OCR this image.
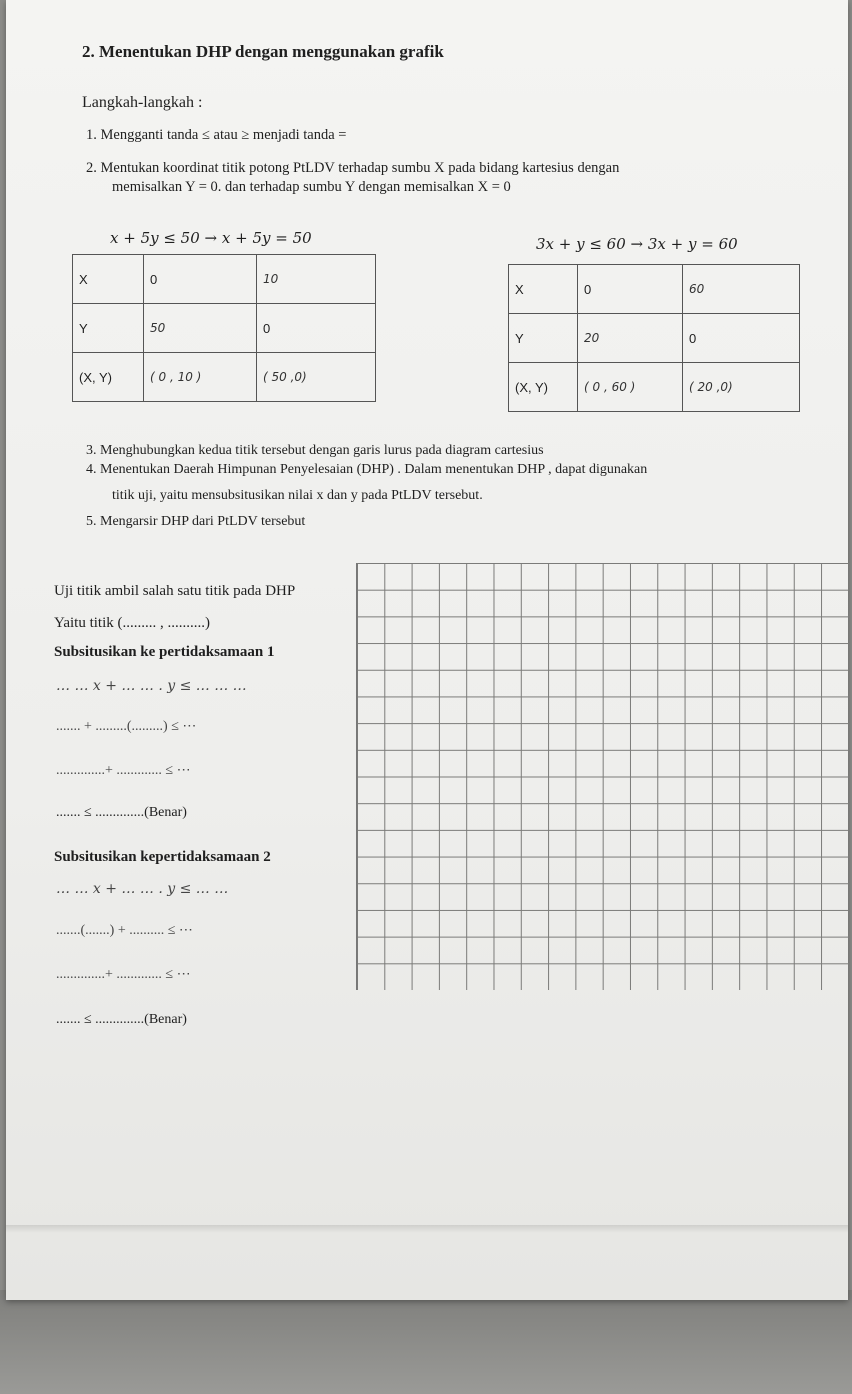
2. Menentukan DHP dengan menggunakan grafik
Langkah-langkah :
1. Mengganti tanda ≤ atau ≥ menjadi tanda =
2. Mentukan koordinat titik potong PtLDV terhadap sumbu X pada bidang kartesius dengan
memisalkan Y = 0. dan terhadap sumbu Y dengan memisalkan X = 0
x + 5y ≤ 50 → x + 5y = 50	3x + y ≤ 60 → 3x + y = 60
X	0	10
Y	50	0
(X, Y)	( 0 , 10 )	( 50 ,0)
X	0	60
Y	20	0
(X, Y)	( 0 , 60 )	( 20 ,0)
3. Menghubungkan kedua titik tersebut dengan garis lurus pada diagram cartesius
4. Menentukan Daerah Himpunan Penyelesaian (DHP) . Dalam menentukan DHP , dapat digunakan
titik uji, yaitu mensubsitusikan nilai x dan y pada PtLDV tersebut.
5. Mengarsir DHP dari PtLDV tersebut
Uji titik ambil salah satu titik pada DHP
Yaitu titik (......... , ..........)
Subsitusikan ke pertidaksamaan 1
… … x + … … . y ≤ … … …
....... + .........(.........) ≤ ⋯
..............+ ............. ≤ ⋯
....... ≤ ..............(Benar)
Subsitusikan kepertidaksamaan 2
… … x + … … . y ≤ … …
.......(.......) + .......... ≤ ⋯
..............+ ............. ≤ ⋯
....... ≤ ..............(Benar)
